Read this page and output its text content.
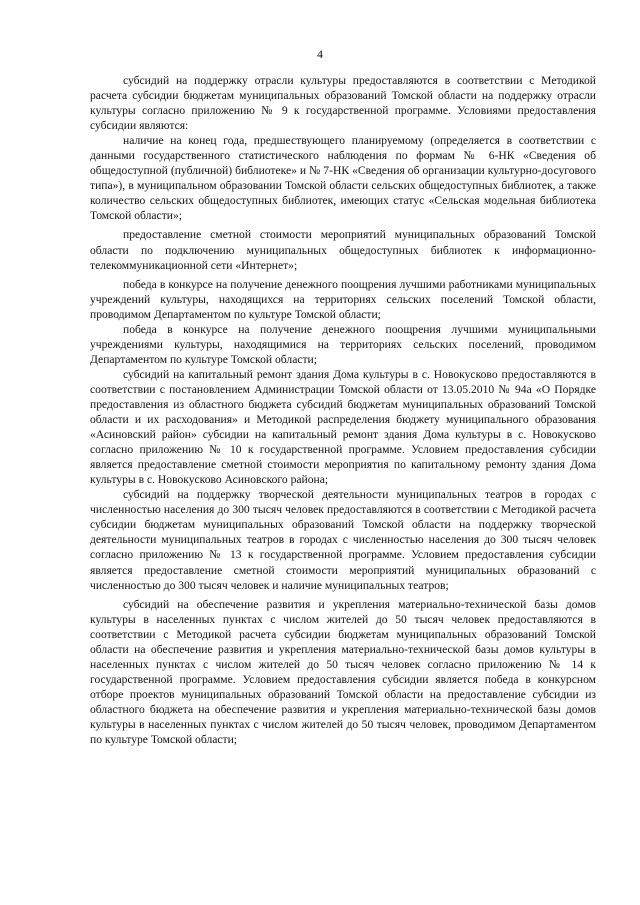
4

субсидий на поддержку отрасли культуры предоставляются в соответствии с Методикой расчета субсидии бюджетам муниципальных образований Томской области на поддержку отрасли культуры согласно приложению № 9 к государственной программе. Условиями предоставления субсидии являются:

наличие на конец года, предшествующего планируемому (определяется в соответствии с данными государственного статистического наблюдения по формам № 6-НК «Сведения об общедоступной (публичной) библиотеке» и № 7-НК «Сведения об организации культурно-досугового типа»), в муниципальном образовании Томской области сельских общедоступных библиотек, а также количество сельских общедоступных библиотек, имеющих статус «Сельская модельная библиотека Томской области»;

предоставление сметной стоимости мероприятий муниципальных образований Томской области по подключению муниципальных общедоступных библиотек к информационно-телекоммуникационной сети «Интернет»;

победа в конкурсе на получение денежного поощрения лучшими работниками муниципальных учреждений культуры, находящихся на территориях сельских поселений Томской области, проводимом Департаментом по культуре Томской области;

победа в конкурсе на получение денежного поощрения лучшими муниципальными учреждениями культуры, находящимися на территориях сельских поселений, проводимом Департаментом по культуре Томской области;

субсидий на капитальный ремонт здания Дома культуры в с. Новокусково предоставляются в соответствии с постановлением Администрации Томской области от 13.05.2010 № 94а «О Порядке предоставления из областного бюджета субсидий бюджетам муниципальных образований Томской области и их расходования» и Методикой распределения бюджету муниципального образования «Асиновский район» субсидии на капитальный ремонт здания Дома культуры в с. Новокусково согласно приложению № 10 к государственной программе. Условием предоставления субсидии является предоставление сметной стоимости мероприятия по капитальному ремонту здания Дома культуры в с. Новокусково Асиновского района;

субсидий на поддержку творческой деятельности муниципальных театров в городах с численностью населения до 300 тысяч человек предоставляются в соответствии с Методикой расчета субсидии бюджетам муниципальных образований Томской области на поддержку творческой деятельности муниципальных театров в городах с численностью населения до 300 тысяч человек согласно приложению № 13 к государственной программе. Условием предоставления субсидии является предоставление сметной стоимости мероприятий муниципальных образований с численностью до 300 тысяч человек и наличие муниципальных театров;

субсидий на обеспечение развития и укрепления материально-технической базы домов культуры в населенных пунктах с числом жителей до 50 тысяч человек предоставляются в соответствии с Методикой расчета субсидии бюджетам муниципальных образований Томской области на обеспечение развития и укрепления материально-технической базы домов культуры в населенных пунктах с числом жителей до 50 тысяч человек согласно приложению № 14 к государственной программе. Условием предоставления субсидии является победа в конкурсном отборе проектов муниципальных образований Томской области на предоставление субсидии из областного бюджета на обеспечение развития и укрепления материально-технической базы домов культуры в населенных пунктах с числом жителей до 50 тысяч человек, проводимом Департаментом по культуре Томской области;
